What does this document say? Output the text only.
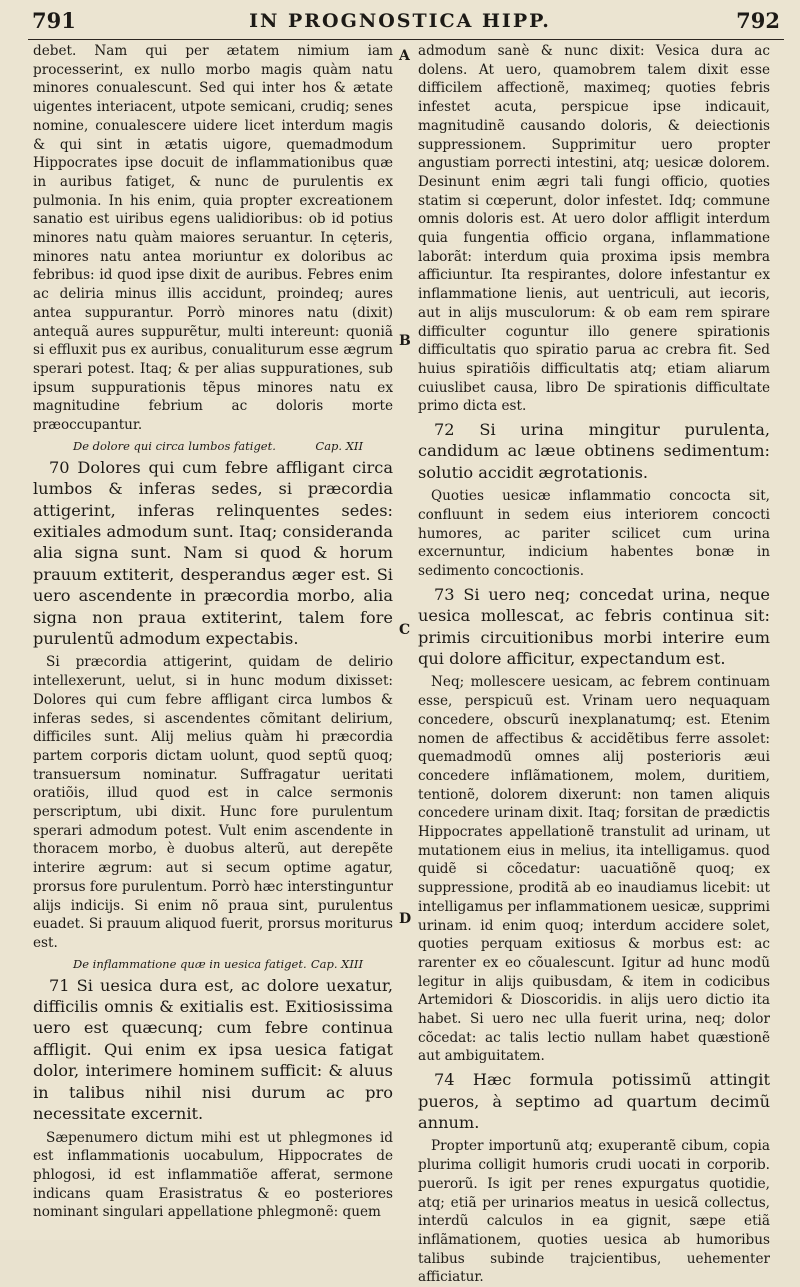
791	IN PROGNOSTICA HIPP.	792
A
B
C
D

debet. Nam qui per ætatem nimium iam processerint, ex nullo morbo magis quàm natu minores conualescunt. Sed qui inter hos & ætate uigentes interiacent, utpote semicani, crudiq; senes nomine, conualescere uidere licet interdum magis & qui sint in ætatis uigore, quemadmodum Hippocrates ipse docuit de inflammationibus quæ in auribus fatiget, & nunc de purulentis ex pulmonia. In his enim, quia propter excreationem sanatio est uiribus egens ualidioribus: ob id potius minores natu quàm maiores seruantur. In cęteris, minores natu antea moriuntur ex doloribus ac febribus: id quod ipse dixit de auribus. Febres enim ac deliria minus illis accidunt, proindeq; aures antea suppurantur. Porrò minores natu (dixit) antequã aures suppurẽtur, multi intereunt: quoniã si effluxit pus ex auribus, conualiturum esse ægrum sperari potest. Itaq; & per alias suppurationes, sub ipsum suppurationis tẽpus minores natu ex magnitudine febrium ac doloris morte præoccupantur.

De dolore qui circa lumbos fatiget.	Cap. XII

70 Dolores qui cum febre affligant circa lumbos & inferas sedes, si præcordia attigerint, inferas relinquentes sedes: exitiales admodum sunt. Itaq; consideranda alia signa sunt. Nam si quod & horum prauum extiterit, desperandus æger est. Si uero ascendente in præcordia morbo, alia signa non praua extiterint, talem fore purulentũ admodum expectabis.

Si præcordia attigerint, quidam de delirio intellexerunt, uelut, si in hunc modum dixisset: Dolores qui cum febre affligant circa lumbos & inferas sedes, si ascendentes cõmitant delirium, difficiles sunt. Alij melius quàm hi præcordia partem corporis dictam uolunt, quod septũ quoq; transuersum nominatur. Suffragatur ueritati oratiõis, illud quod est in calce sermonis perscriptum, ubi dixit. Hunc fore purulentum sperari admodum potest. Vult enim ascendente in thoracem morbo, è duobus alterũ, aut derepẽte interire ægrum: aut si secum optime agatur, prorsus fore purulentum. Porrò hæc interstinguntur alijs indicijs. Si enim nõ praua sint, purulentus euadet. Si prauum aliquod fuerit, prorsus moriturus est.

De inflammatione quæ in uesica fatiget. Cap. XIII

71 Si uesica dura est, ac dolore uexatur, difficilis omnis & exitialis est. Exitiosissima uero est quæcunq; cum febre continua affligit. Qui enim ex ipsa uesica fatigat dolor, interimere hominem sufficit: & aluus in talibus nihil nisi durum ac pro necessitate excernit.

Sæpenumero dictum mihi est ut phlegmones id est inflammationis uocabulum, Hippocrates de phlogosi, id est inflammatiõe afferat, sermone indicans quam Erasistratus & eo posteriores nominant singulari appellatione phlegmonẽ: quem

admodum sanè & nunc dixit: Vesica dura ac dolens. At uero, quamobrem talem dixit esse difficilem affectionẽ, maximeq; quoties febris infestet acuta, perspicue ipse indicauit, magnitudinẽ causando doloris, & deiectionis suppressionem. Supprimitur uero propter angustiam porrecti intestini, atq; uesicæ dolorem. Desinunt enim ægri tali fungi officio, quoties statim si cœperunt, dolor infestet. Idq; commune omnis doloris est. At uero dolor affligit interdum quia fungentia officio organa, inflammatione laborãt: interdum quia proxima ipsis membra afficiuntur. Ita respirantes, dolore infestantur ex inflammatione lienis, aut uentriculi, aut iecoris, aut in alijs musculorum: & ob eam rem spirare difficulter coguntur illo genere spirationis difficultatis quo spiratio parua ac crebra fit. Sed huius spiratiõis difficultatis atq; etiam aliarum cuiuslibet causa, libro De spirationis difficultate primo dicta est.

72 Si urina mingitur purulenta, candidum ac læue obtinens sedimentum: solutio accidit ægrotationis.

Quoties uesicæ inflammatio concocta sit, confluunt in sedem eius interiorem concocti humores, ac pariter scilicet cum urina excernuntur, indicium habentes bonæ in sedimento concoctionis.

73 Si uero neq; concedat urina, neque uesica mollescat, ac febris continua sit: primis circuitionibus morbi interire eum qui dolore afficitur, expectandum est.

Neq; mollescere uesicam, ac febrem continuam esse, perspicuũ est. Vrinam uero nequaquam concedere, obscurũ inexplanatumq; est. Etenim nomen de affectibus & accidẽtibus ferre assolet: quemadmodũ omnes alij posterioris æui concedere inflãmationem, molem, duritiem, tentionẽ, dolorem dixerunt: non tamen aliquis concedere urinam dixit. Itaq; forsitan de prædictis Hippocrates appellationẽ transtulit ad urinam, ut mutationem eius in melius, ita intelligamus. quod quidẽ si cõcedatur: uacuatiõnẽ quoq; ex suppressione, proditã ab eo inaudiamus licebit: ut intelligamus per inflammationem uesicæ, supprimi urinam. id enim quoq; interdum accidere solet, quoties perquam exitiosus & morbus est: ac rarenter ex eo cõualescunt. Igitur ad hunc modũ legitur in alijs quibusdam, & item in codicibus Artemidori & Dioscoridis. in alijs uero dictio ita habet. Si uero nec ulla fuerit urina, neq; dolor cõcedat: ac talis lectio nullam habet quæstionẽ aut ambiguitatem.

74 Hæc formula potissimũ attingit pueros, à septimo ad quartum decimũ annum.

Propter importunũ atq; exuperantẽ cibum, copia plurima colligit humoris crudi uocati in corporib. puerorũ. Is igit per renes expurgatus quotidie, atq; etiã per urinarios meatus in uesicã collectus, interdũ calculos in ea gignit, sæpe etiã inflãmationem, quoties uesica ab humoribus talibus subinde trajcientibus, uehementer afficiatur.
